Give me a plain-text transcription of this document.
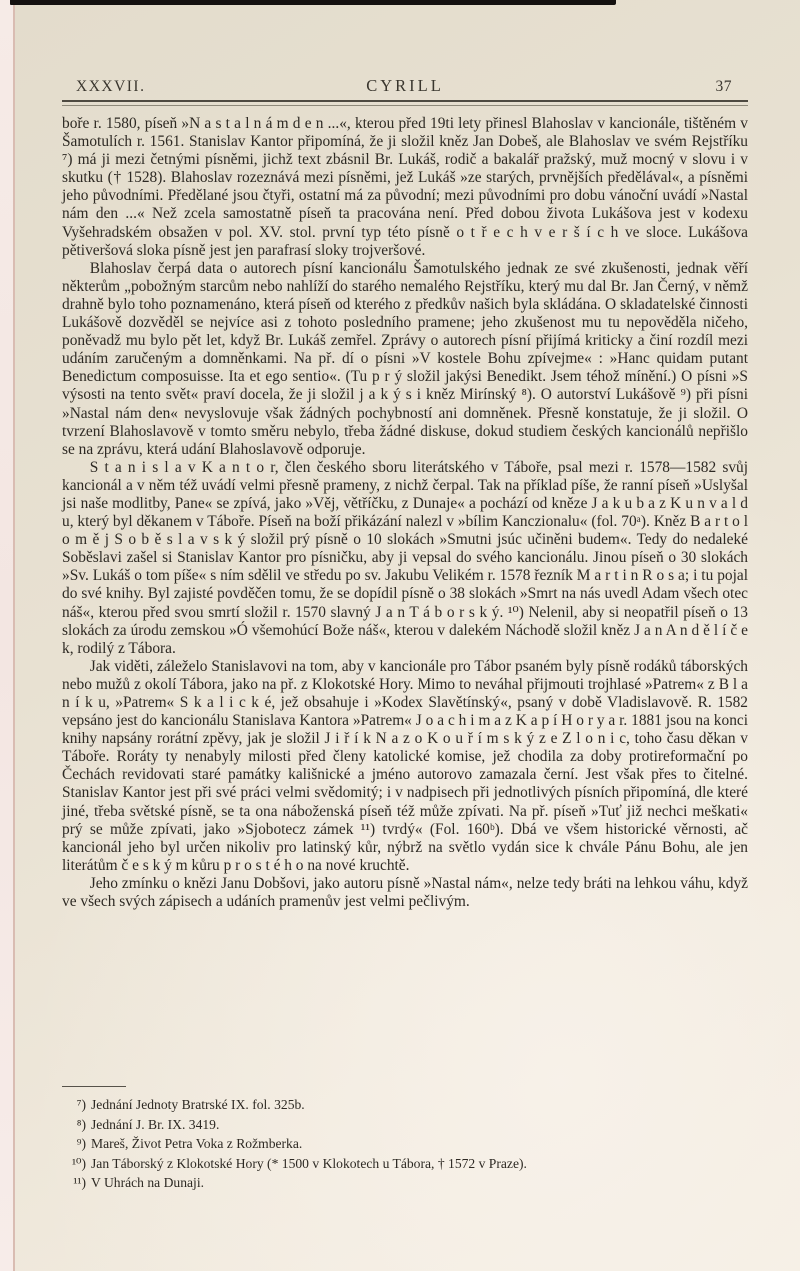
XXXVII.	CYRILL	37

boře r. 1580, píseň »N a s t a l n á m d e n ...«, kterou před 19ti lety přinesl Blahoslav v kancionále, tištěném v Šamotulích r. 1561. Stanislav Kantor připomíná, že ji složil kněz Jan Dobeš, ale Blahoslav ve svém Rejstříku ⁷) má ji mezi četnými písněmi, jichž text zbásnil Br. Lukáš, rodič a bakalář pražský, muž mocný v slovu i v skutku († 1528). Blahoslav rozeznává mezi písněmi, jež Lukáš »ze starých, prvnějších předělával«, a písněmi jeho původními. Předělané jsou čtyři, ostatní má za původní; mezi původními pro dobu vánoční uvádí »Nastal nám den ...« Než zcela samostatně píseň ta pracována není. Před dobou života Lukášova jest v kodexu Vyšehradském obsažen v pol. XV. stol. první typ této písně o t ř e c h v e r š í c h ve sloce. Lukášova pětiveršová sloka písně jest jen parafrasí sloky trojveršové.

Blahoslav čerpá data o autorech písní kancionálu Šamotulského jednak ze své zkušenosti, jednak věří některům „pobožným starcům nebo nahlíží do starého nemalého Rejstříku, který mu dal Br. Jan Černý, v němž drahně bylo toho poznamenáno, která píseň od kterého z předkův našich byla skládána. O skladatelské činnosti Lukášově dozvěděl se nejvíce asi z tohoto posledního pramene; jeho zkušenost mu tu nepověděla ničeho, poněvadž mu bylo pět let, když Br. Lukáš zemřel. Zprávy o autorech písní přijímá kriticky a činí rozdíl mezi udáním zaručeným a domněnkami. Na př. dí o písni »V kostele Bohu zpívejme« : »Hanc quidam putant Benedictum composuisse. Ita et ego sentio«. (Tu p r ý složil jakýsi Benedikt. Jsem téhož mínění.) O písni »S výsosti na tento svět« praví docela, že ji složil j a k ý s i kněz Mirínský ⁸). O autorství Lukášově ⁹) při písni »Nastal nám den« nevyslovuje však žádných pochybností ani domněnek. Přesně konstatuje, že ji složil. O tvrzení Blahoslavově v tomto směru nebylo, třeba žádné diskuse, dokud studiem českých kancionálů nepřišlo se na zprávu, která udání Blahoslavově odporuje.

S t a n i s l a v K a n t o r, člen českého sboru literátského v Táboře, psal mezi r. 1578—1582 svůj kancionál a v něm též uvádí velmi přesně prameny, z nichž čerpal. Tak na příklad píše, že ranní píseň »Uslyšal jsi naše modlitby, Pane« se zpívá, jako »Věj, větříčku, z Dunaje« a pochází od kněze J a k u b a z K u n v a l d u, který byl děkanem v Táboře. Píseň na boží přikázání nalezl v »bílim Kanczionalu« (fol. 70ᵃ). Kněz B a r t o l o m ě j S o b ě s l a v s k ý složil prý písně o 10 slokách »Smutni jsúc učiněni budem«. Tedy do nedaleké Soběslavi zašel si Stanislav Kantor pro písničku, aby ji vepsal do svého kancionálu. Jinou píseň o 30 slokách »Sv. Lukáš o tom píše« s ním sdělil ve středu po sv. Jakubu Velikém r. 1578 řezník M a r t i n R o s a; i tu pojal do své knihy. Byl zajisté povděčen tomu, že se dopídil písně o 38 slokách »Smrt na nás uvedl Adam všech otec náš«, kterou před svou smrtí složil r. 1570 slavný J a n T á b o r s k ý. ¹⁰) Nelenil, aby si neopatřil píseň o 13 slokách za úrodu zemskou »Ó všemohúcí Bože náš«, kterou v dalekém Náchodě složil kněz J a n A n d ě l í č e k, rodilý z Tábora.

Jak viděti, záleželo Stanislavovi na tom, aby v kancionále pro Tábor psaném byly písně rodáků táborských nebo mužů z okolí Tábora, jako na př. z Klokotské Hory. Mimo to neváhal přijmouti trojhlasé »Patrem« z B l a n í k u, »Patrem« S k a l i c k é, jež obsahuje i »Kodex Slavětínský«, psaný v době Vladislavově. R. 1582 vepsáno jest do kancionálu Stanislava Kantora »Patrem« J o a c h i m a z K a p í H o r y a r. 1881 jsou na konci knihy napsány rorátní zpěvy, jak je složil J i ř í k N a z o K o u ř í m s k ý z e Z l o n i c, toho času děkan v Táboře. Roráty ty nenabyly milosti před členy katolické komise, jež chodila za doby protireformační po Čechách revidovati staré památky kališnické a jméno autorovo zamazala černí. Jest však přes to čitelné. Stanislav Kantor jest při své práci velmi svědomitý; i v nadpisech při jednotlivých písních připomíná, dle které jiné, třeba světské písně, se ta ona náboženská píseň též může zpívati. Na př. píseň »Tuť již nechci meškati« prý se může zpívati, jako »Sjobotecz zámek ¹¹) tvrdý« (Fol. 160ᵇ). Dbá ve všem historické věrnosti, ač kancionál jeho byl určen nikoliv pro latinský kůr, nýbrž na světlo vydán sice k chvále Pánu Bohu, ale jen literátům č e s k ý m kůru p r o s t é h o na nové kruchtě.

Jeho zmínku o knězi Janu Dobšovi, jako autoru písně »Nastal nám«, nelze tedy bráti na lehkou váhu, když ve všech svých zápisech a udáních pramenův jest velmi pečlivým.

⁷) Jednání Jednoty Bratrské IX. fol. 325b.
⁸) Jednání J. Br. IX. 3419.
⁹) Mareš, Život Petra Voka z Rožmberka.
¹⁰) Jan Táborský z Klokotské Hory (* 1500 v Klokotech u Tábora, † 1572 v Praze).
¹¹) V Uhrách na Dunaji.
